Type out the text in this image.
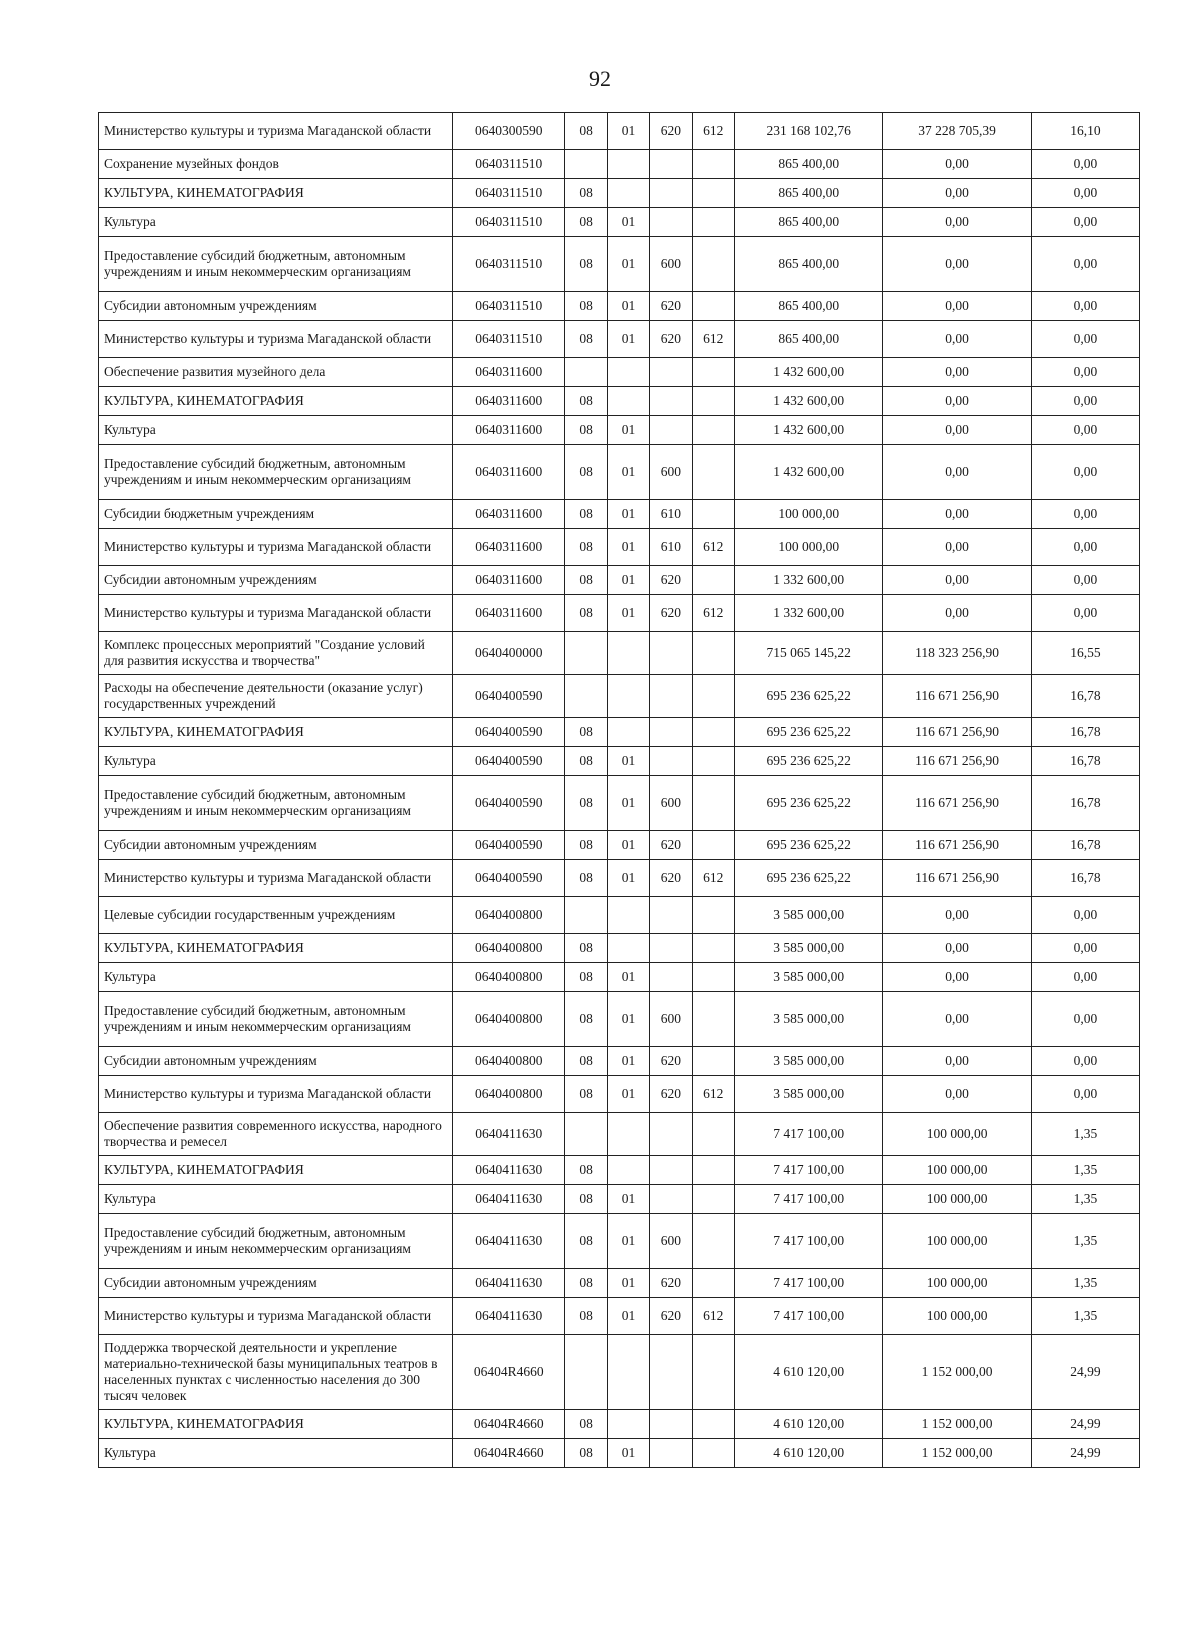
92
Министерство культуры и туризма Магаданской области	0640300590	08	01	620	612	231 168 102,76	37 228 705,39	16,10
Сохранение музейных фондов	0640311510					865 400,00	0,00	0,00
КУЛЬТУРА, КИНЕМАТОГРАФИЯ	0640311510	08				865 400,00	0,00	0,00
Культура	0640311510	08	01			865 400,00	0,00	0,00
Предоставление субсидий бюджетным, автономным учреждениям и иным некоммерческим организациям	0640311510	08	01	600		865 400,00	0,00	0,00
Субсидии автономным учреждениям	0640311510	08	01	620		865 400,00	0,00	0,00
Министерство культуры и туризма Магаданской области	0640311510	08	01	620	612	865 400,00	0,00	0,00
Обеспечение развития музейного дела	0640311600					1 432 600,00	0,00	0,00
КУЛЬТУРА, КИНЕМАТОГРАФИЯ	0640311600	08				1 432 600,00	0,00	0,00
Культура	0640311600	08	01			1 432 600,00	0,00	0,00
Предоставление субсидий бюджетным, автономным учреждениям и иным некоммерческим организациям	0640311600	08	01	600		1 432 600,00	0,00	0,00
Субсидии бюджетным учреждениям	0640311600	08	01	610		100 000,00	0,00	0,00
Министерство культуры и туризма Магаданской области	0640311600	08	01	610	612	100 000,00	0,00	0,00
Субсидии автономным учреждениям	0640311600	08	01	620		1 332 600,00	0,00	0,00
Министерство культуры и туризма Магаданской области	0640311600	08	01	620	612	1 332 600,00	0,00	0,00
Комплекс процессных мероприятий "Создание условий для развития искусства и творчества"	0640400000					715 065 145,22	118 323 256,90	16,55
Расходы на обеспечение деятельности (оказание услуг) государственных учреждений	0640400590					695 236 625,22	116 671 256,90	16,78
КУЛЬТУРА, КИНЕМАТОГРАФИЯ	0640400590	08				695 236 625,22	116 671 256,90	16,78
Культура	0640400590	08	01			695 236 625,22	116 671 256,90	16,78
Предоставление субсидий бюджетным, автономным учреждениям и иным некоммерческим организациям	0640400590	08	01	600		695 236 625,22	116 671 256,90	16,78
Субсидии автономным учреждениям	0640400590	08	01	620		695 236 625,22	116 671 256,90	16,78
Министерство культуры и туризма Магаданской области	0640400590	08	01	620	612	695 236 625,22	116 671 256,90	16,78
Целевые субсидии государственным учреждениям	0640400800					3 585 000,00	0,00	0,00
КУЛЬТУРА, КИНЕМАТОГРАФИЯ	0640400800	08				3 585 000,00	0,00	0,00
Культура	0640400800	08	01			3 585 000,00	0,00	0,00
Предоставление субсидий бюджетным, автономным учреждениям и иным некоммерческим организациям	0640400800	08	01	600		3 585 000,00	0,00	0,00
Субсидии автономным учреждениям	0640400800	08	01	620		3 585 000,00	0,00	0,00
Министерство культуры и туризма Магаданской области	0640400800	08	01	620	612	3 585 000,00	0,00	0,00
Обеспечение развития современного искусства, народного творчества и ремесел	0640411630					7 417 100,00	100 000,00	1,35
КУЛЬТУРА, КИНЕМАТОГРАФИЯ	0640411630	08				7 417 100,00	100 000,00	1,35
Культура	0640411630	08	01			7 417 100,00	100 000,00	1,35
Предоставление субсидий бюджетным, автономным учреждениям и иным некоммерческим организациям	0640411630	08	01	600		7 417 100,00	100 000,00	1,35
Субсидии автономным учреждениям	0640411630	08	01	620		7 417 100,00	100 000,00	1,35
Министерство культуры и туризма Магаданской области	0640411630	08	01	620	612	7 417 100,00	100 000,00	1,35
Поддержка творческой деятельности и укрепление материально-технической базы муниципальных театров в населенных пунктах с численностью населения до 300 тысяч человек	06404R4660					4 610 120,00	1 152 000,00	24,99
КУЛЬТУРА, КИНЕМАТОГРАФИЯ	06404R4660	08				4 610 120,00	1 152 000,00	24,99
Культура	06404R4660	08	01			4 610 120,00	1 152 000,00	24,99
